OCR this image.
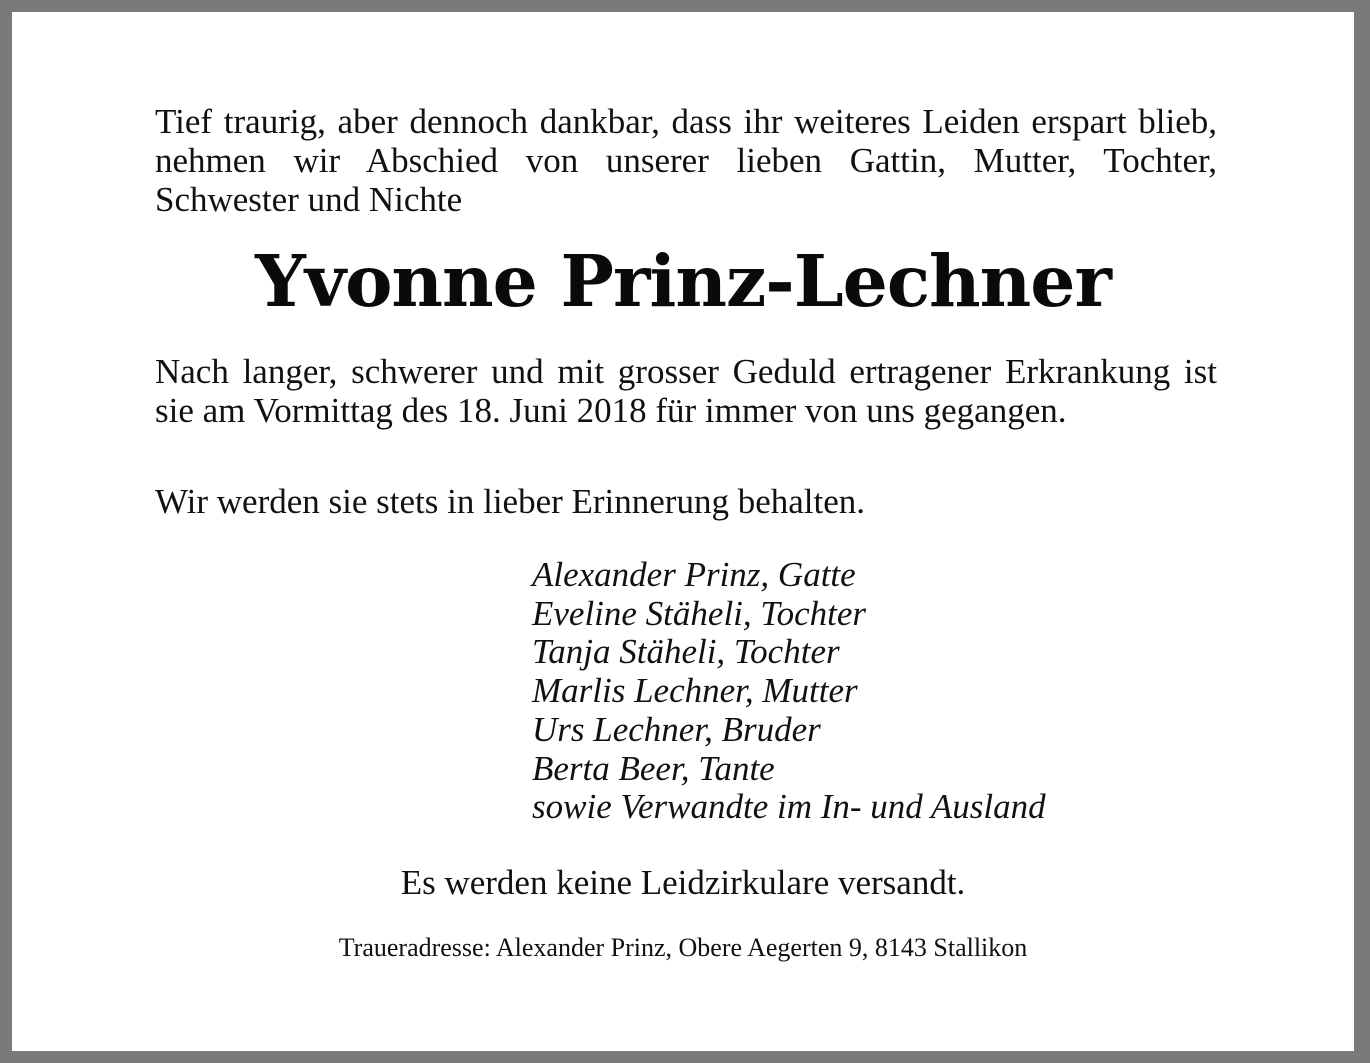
Tief traurig, aber dennoch dankbar, dass ihr weiteres Leiden erspart blieb, nehmen wir Abschied von unserer lieben Gattin, Mutter, Tochter, Schwester und Nichte

Yvonne Prinz-Lechner

Nach langer, schwerer und mit grosser Geduld ertragener Erkrankung ist sie am Vormittag des 18. Juni 2018 für immer von uns gegangen.

Wir werden sie stets in lieber Erinnerung behalten.

Alexander Prinz, Gatte
Eveline Stäheli, Tochter
Tanja Stäheli, Tochter
Marlis Lechner, Mutter
Urs Lechner, Bruder
Berta Beer, Tante
sowie Verwandte im In- und Ausland

Es werden keine Leidzirkulare versandt.

Traueradresse: Alexander Prinz, Obere Aegerten 9, 8143 Stallikon
